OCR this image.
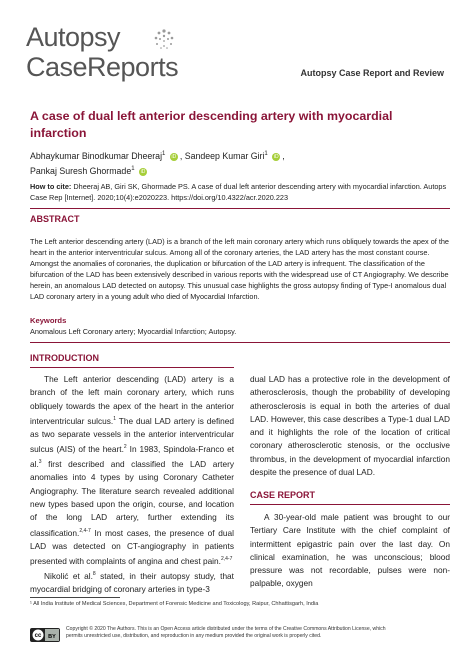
Autopsy
CaseReports	Autopsy Case Report and Review
A case of dual left anterior descending artery with myocardial infarction
Abhaykumar Binodkumar Dheeraj$^1$ iD , Sandeep Kumar Giri$^1$ iD ,
Pankaj Suresh Ghormade$^1$ iD
How to cite: Dheeraj AB, Giri SK, Ghormade PS. A case of dual left anterior descending artery with myocardial infarction. Autops Case Rep [Internet]. 2020;10(4):e2020223. https://doi.org/10.4322/acr.2020.223
ABSTRACT
The Left anterior descending artery (LAD) is a branch of the left main coronary artery which runs obliquely towards the apex of the heart in the anterior interventricular sulcus. Among all of the coronary arteries, the LAD artery has the most constant course. Amongst the anomalies of coronaries, the duplication or bifurcation of the LAD artery is infrequent. The classification of the bifurcation of the LAD has been extensively described in various reports with the widespread use of CT Angiography. We describe herein, an anomalous LAD detected on autopsy. This unusual case highlights the gross autopsy finding of Type-I anomalous dual LAD coronary artery in a young adult who died of Myocardial Infarction.
Keywords
Anomalous Left Coronary artery; Myocardial Infarction; Autopsy.
INTRODUCTION

The Left anterior descending (LAD) artery is a branch of the left main coronary artery, which runs obliquely towards the apex of the heart in the anterior interventricular sulcus.$^1$ The dual LAD artery is defined as two separate vessels in the anterior interventricular sulcus (AIS) of the heart.$^2$ In 1983, Spindola-Franco et al.$^3$ first described and classified the LAD artery anomalies into 4 types by using Coronary Catheter Angiography. The literature search revealed additional new types based upon the origin, course, and location of the long LAD artery, further extending its classification.$^{2,4-7}$ In most cases, the presence of dual LAD was detected on CT-angiography in patients presented with complaints of angina and chest pain.$^{2,4-7}$

Nikolić et al.$^8$ stated, in their autopsy study, that myocardial bridging of coronary arteries in type-3

dual LAD has a protective role in the development of atherosclerosis, though the probability of developing atherosclerosis is equal in both the arteries of dual LAD. However, this case describes a Type-1 dual LAD and it highlights the role of the location of critical coronary atherosclerotic stenosis, or the occlusive thrombus, in the development of myocardial infarction despite the presence of dual LAD.

CASE REPORT

A 30-year-old male patient was brought to our Tertiary Care Institute with the chief complaint of intermittent epigastric pain over the last day. On clinical examination, he was unconscious; blood pressure was not recordable, pulses were non-palpable, oxygen

¹ All India Institute of Medical Sciences, Department of Forensic Medicine and Toxicology, Raipur, Chhattisgarh, India
cc BY
Copyright © 2020 The Authors. This is an Open Access article distributed under the terms of the Creative Commons Attribution License, which permits unrestricted use, distribution, and reproduction in any medium provided the original work is properly cited.
